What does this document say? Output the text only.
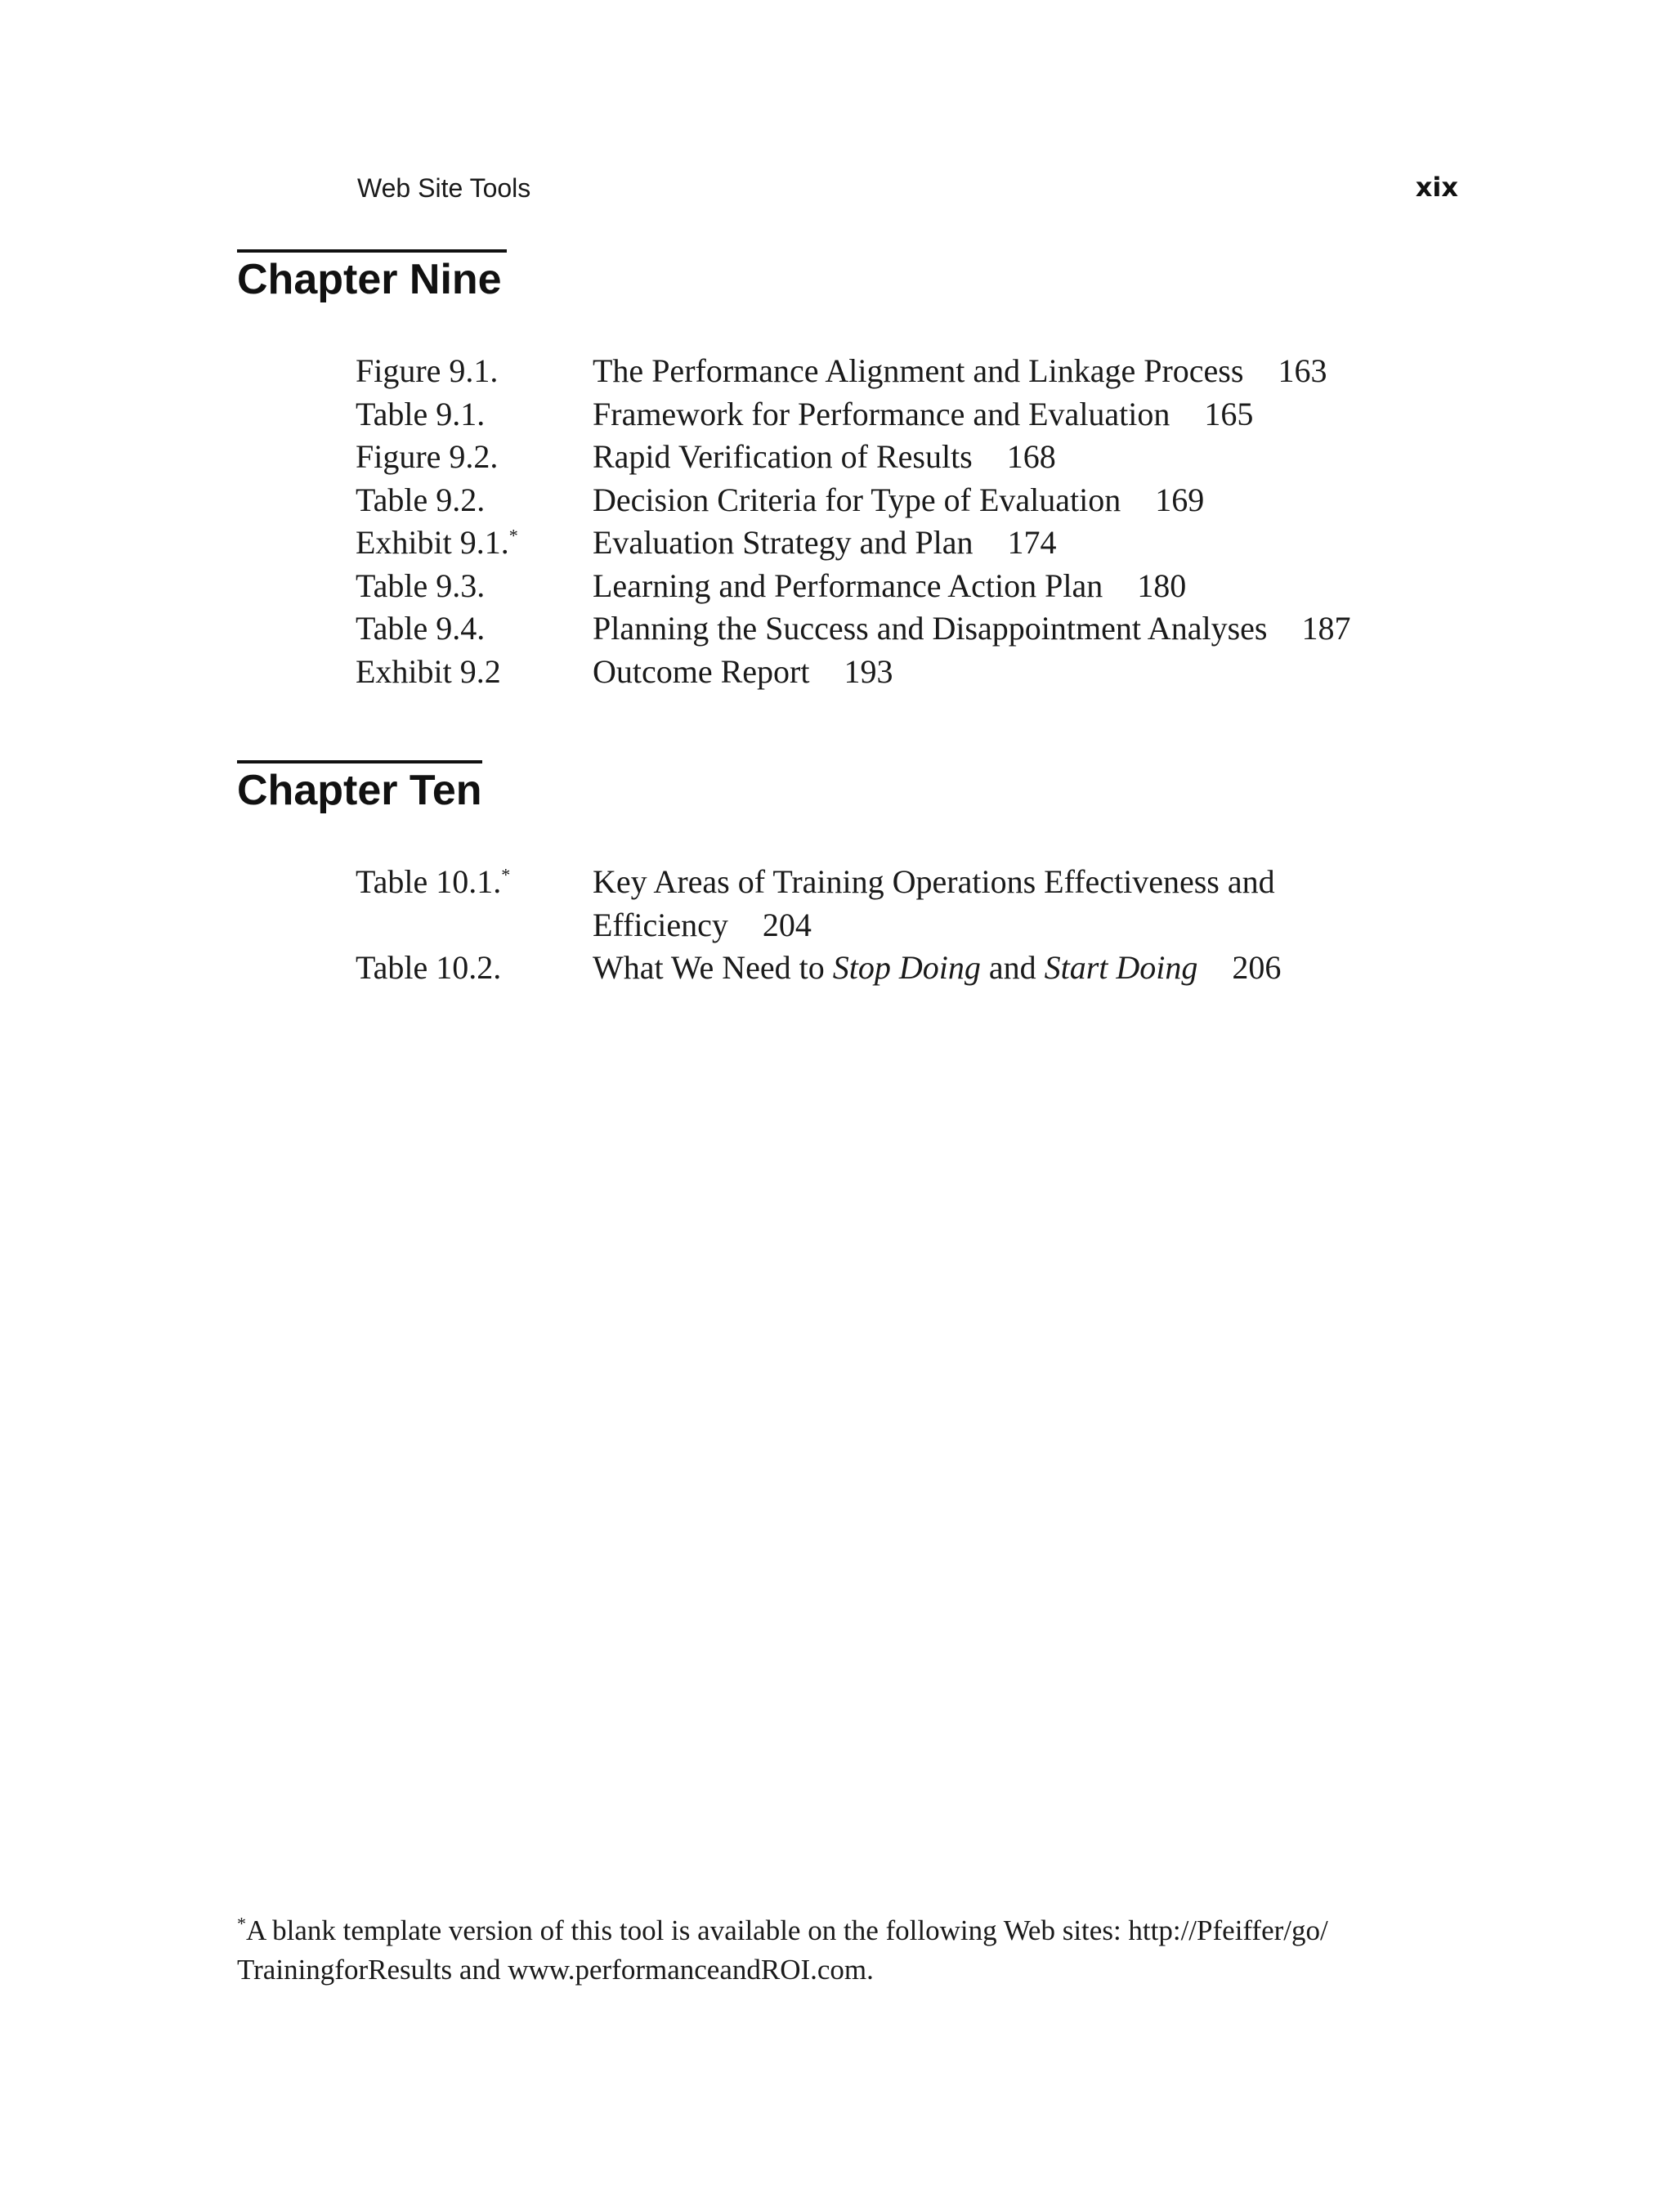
Web Site Tools	xix
Chapter Nine
Figure 9.1.	The Performance Alignment and Linkage Process 163
Table 9.1.	Framework for Performance and Evaluation 165
Figure 9.2.	Rapid Verification of Results 168
Table 9.2.	Decision Criteria for Type of Evaluation 169
Exhibit 9.1.*	Evaluation Strategy and Plan 174
Table 9.3.	Learning and Performance Action Plan 180
Table 9.4.	Planning the Success and Disappointment Analyses 187
Exhibit 9.2	Outcome Report 193
Chapter Ten
Table 10.1.*	Key Areas of Training Operations Effectiveness and Efficiency 204
Table 10.2.	What We Need to Stop Doing and Start Doing 206
*A blank template version of this tool is available on the following Web sites: http://Pfeiffer/go/ TrainingforResults and www.performanceandROI.com.
